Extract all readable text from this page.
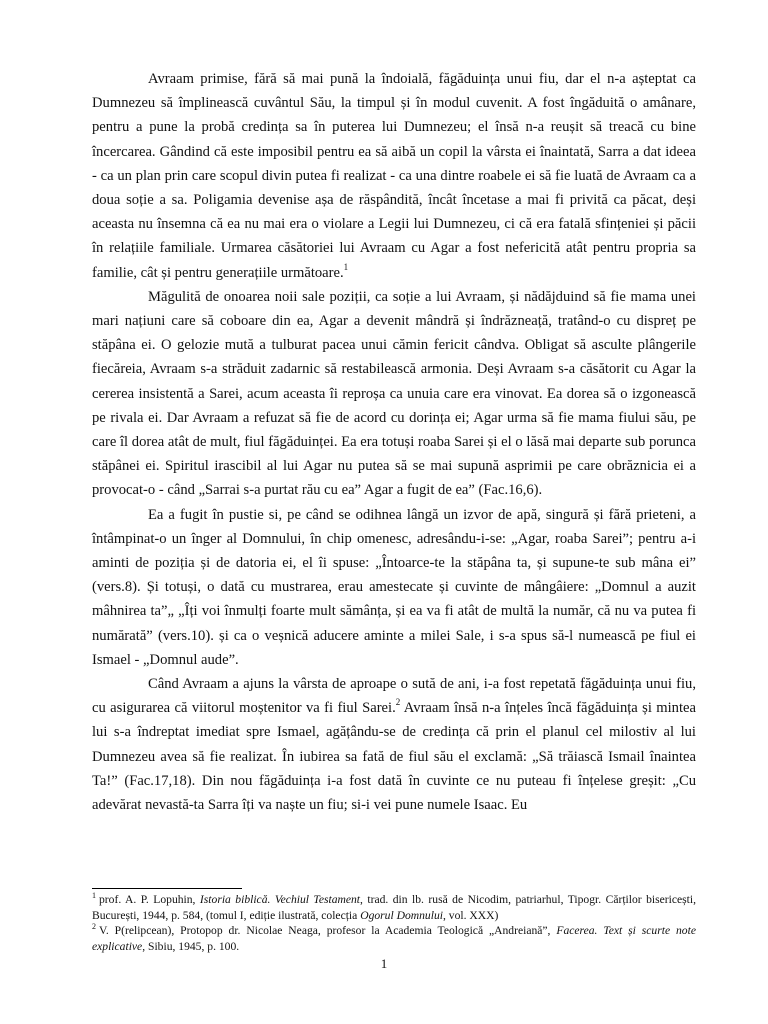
Avraam primise, fără să mai pună la îndoială, făgăduința unui fiu, dar el n-a așteptat ca Dumnezeu să împlinească cuvântul Său, la timpul și în modul cuvenit. A fost îngăduită o amânare, pentru a pune la probă credința sa în puterea lui Dumnezeu; el însă n-a reușit să treacă cu bine încercarea. Gândind că este imposibil pentru ea să aibă un copil la vârsta ei înaintată, Sarra a dat ideea - ca un plan prin care scopul divin putea fi realizat - ca una dintre roabele ei să fie luată de Avraam ca a doua soție a sa. Poligamia devenise așa de răspândită, încât încetase a mai fi privită ca păcat, deși aceasta nu însemna că ea nu mai era o violare a Legii lui Dumnezeu, ci că era fatală sfințeniei și păcii în relațiile familiale. Urmarea căsătoriei lui Avraam cu Agar a fost nefericită atât pentru propria sa familie, cât și pentru generațiile următoare.$^1$

Măgulită de onoarea noii sale poziții, ca soție a lui Avraam, și nădăjduind să fie mama unei mari națiuni care să coboare din ea, Agar a devenit mândră și îndrăzneață, tratând-o cu dispreț pe stăpâna ei. O gelozie mută a tulburat pacea unui cămin fericit cândva. Obligat să asculte plângerile fiecăreia, Avraam s-a străduit zadarnic să restabilească armonia. Deși Avraam s-a căsătorit cu Agar la cererea insistentă a Sarei, acum aceasta îi reproșa ca unuia care era vinovat. Ea dorea să o izgonească pe rivala ei. Dar Avraam a refuzat să fie de acord cu dorința ei; Agar urma să fie mama fiului său, pe care îl dorea atât de mult, fiul făgăduinței. Ea era totuși roaba Sarei și el o lăsă mai departe sub porunca stăpânei ei. Spiritul irascibil al lui Agar nu putea să se mai supună asprimii pe care obrăznicia ei a provocat-o - când „Sarrai s-a purtat rău cu ea” Agar a fugit de ea” (Fac.16,6).

Ea a fugit în pustie si, pe când se odihnea lângă un izvor de apă, singură și fără prieteni, a întâmpinat-o un înger al Domnului, în chip omenesc, adresându-i-se: „Agar, roaba Sarei”; pentru a-i aminti de poziția și de datoria ei, el îi spuse: „Întoarce-te la stăpâna ta, și supune-te sub mâna ei” (vers.8). Și totuși, o dată cu mustrarea, erau amestecate și cuvinte de mângâiere: „Domnul a auzit mâhnirea ta”„ „Îți voi înmulți foarte mult sămânța, și ea va fi atât de multă la număr, că nu va putea fi numărată” (vers.10). și ca o veșnică aducere aminte a milei Sale, i s-a spus să-l numească pe fiul ei Ismael - „Domnul aude”.

Când Avraam a ajuns la vârsta de aproape o sută de ani, i-a fost repetată făgăduința unui fiu, cu asigurarea că viitorul moștenitor va fi fiul Sarei.$^2$ Avraam însă n-a înțeles încă făgăduința și mintea lui s-a îndreptat imediat spre Ismael, agățându-se de credința că prin el planul cel milostiv al lui Dumnezeu avea să fie realizat. În iubirea sa fată de fiul său el exclamă: „Să trăiască Ismail înaintea Ta!” (Fac.17,18). Din nou făgăduința i-a fost dată în cuvinte ce nu puteau fi înțelese greșit: „Cu adevărat nevastă-ta Sarra îți va naște un fiu; si-i vei pune numele Isaac. Eu

$^1$ prof. A. P. Lopuhin, Istoria biblică. Vechiul Testament, trad. din lb. rusă de Nicodim, patriarhul, Tipogr. Cărților bisericești, București, 1944, p. 584, (tomul I, ediție ilustrată, colecția Ogorul Domnului, vol. XXX)

$^2$ V. P(relipcean), Protopop dr. Nicolae Neaga, profesor la Academia Teologică „Andreiană”, Facerea. Text și scurte note explicative, Sibiu, 1945, p. 100.

1
